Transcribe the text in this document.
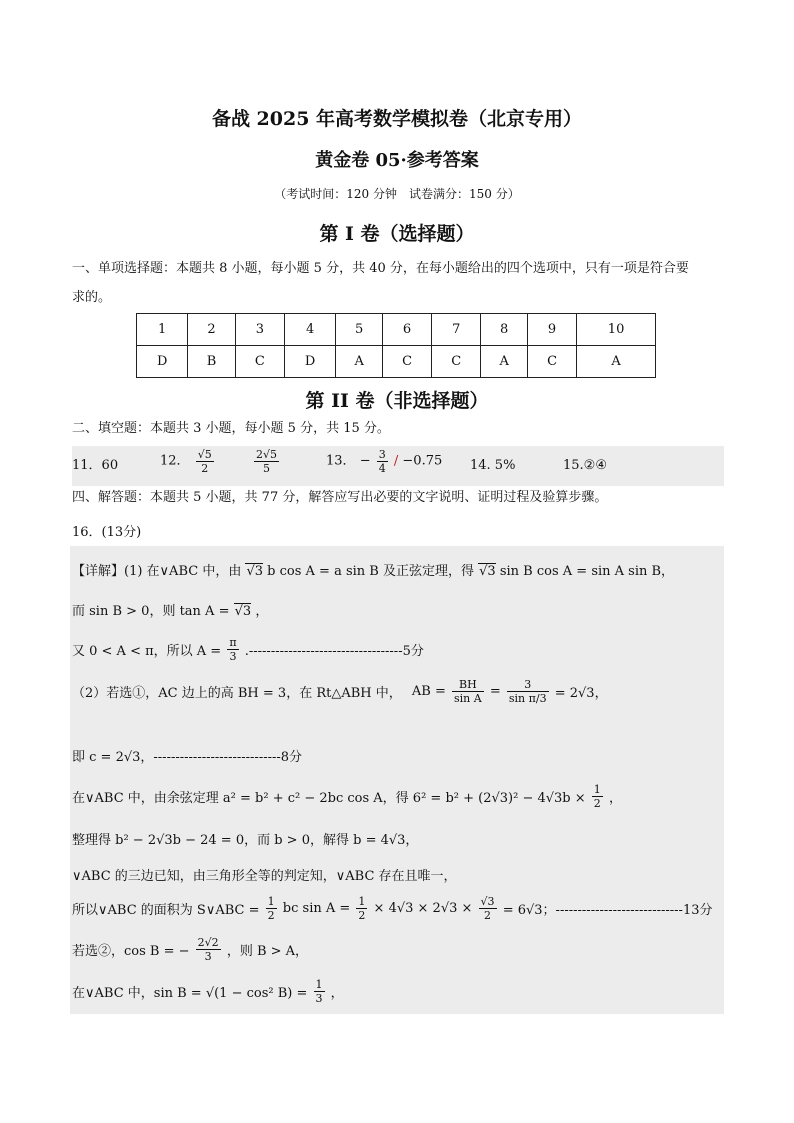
备战 2025 年高考数学模拟卷（北京专用）
黄金卷 05·参考答案
（考试时间：120 分钟　试卷满分：150 分）
第 I 卷（选择题）
一、单项选择题：本题共 8 小题，每小题 5 分，共 40 分，在每小题给出的四个选项中，只有一项是符合要
求的。
1	2	3	4	5	6	7	8	9	10
D	B	C	D	A	C	C	A	C	A
第 II 卷（非选择题）
二、填空题：本题共 3 小题，每小题 5 分，共 15 分。
11．60	12． $\frac{√5}{2}$
	$\frac{2√5}{5}$	13． − $\frac{3}{4} / -0.75$ 14. 5%	15.②④
四、解答题：本题共 5 小题，共 77 分，解答应写出必要的文字说明、证明过程及验算步骤。
16．(13分)
【详解】(1) 在∨ABC 中，由 √3 b cos A = a sin B 及正弦定理，得 √3 sin B cos A = sin A sin B，
而 sin B > 0，则 tan A = √3 ，
又 0 < A < π，所以 $A = \frac{\pi}{3} .-----------------------------------5$分
（2）若选①，AC 边上的高 BH = 3，在 Rt△ABH 中， AB = $\frac{BH}{\text{sin A}} = \frac{3}{\text{sin π/3}} = 2√3$，
即 c = 2√3，-----------------------------8分
在∨ABC 中，由余弦定理 a² = b² + c² − 2bc cos A，得 $6^2 = b^2 + (2√3)^2 - 4√3b \times \frac{1}{2}$ ，
整理得 b² − 2√3b − 24 = 0，而 b > 0，解得 b = 4√3，
∨ABC 的三边已知，由三角形全等的判定知，∨ABC 存在且唯一，
所以∨ABC 的面积为 S∨ABC = $\frac{1}{2}$ bc $\sin A = \frac{1}{2} \times 4√3 \times 2√3 \times \frac{√3}{2} = 6√3$；-----------------------------13分
若选②，cos B = − $\frac{2√2}{3}$ ，则 B > A，
在∨ABC 中，sin B = √(1 − cos² $B) = \frac{1}{3}$ ，
